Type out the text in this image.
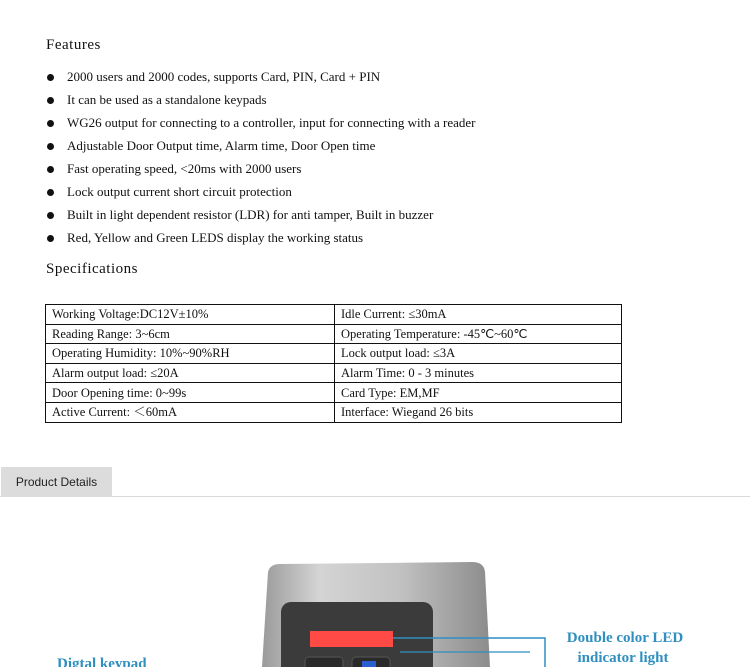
Features
2000 users and 2000 codes, supports Card, PIN, Card + PIN
It can be used as a standalone keypads
WG26 output for connecting to a controller, input for connecting with a reader
Adjustable Door Output time, Alarm time, Door Open time
Fast operating speed, <20ms with 2000 users
Lock output current short circuit protection
Built in light dependent resistor (LDR) for anti tamper, Built in buzzer
Red, Yellow and Green LEDS display the working status
Specifications
Working Voltage:DC12V±10%	Idle Current: ≤30mA
Reading Range: 3~6cm	Operating Temperature: -45℃~60℃
Operating Humidity: 10%~90%RH	Lock output load: ≤3A
Alarm output load: ≤20A	Alarm Time: 0 - 3 minutes
Door Opening time: 0~99s	Card Type: EM,MF
Active Current: ＜60mA	Interface: Wiegand 26 bits
Product Details
Double color LED
indicator light
Digtal keypad
